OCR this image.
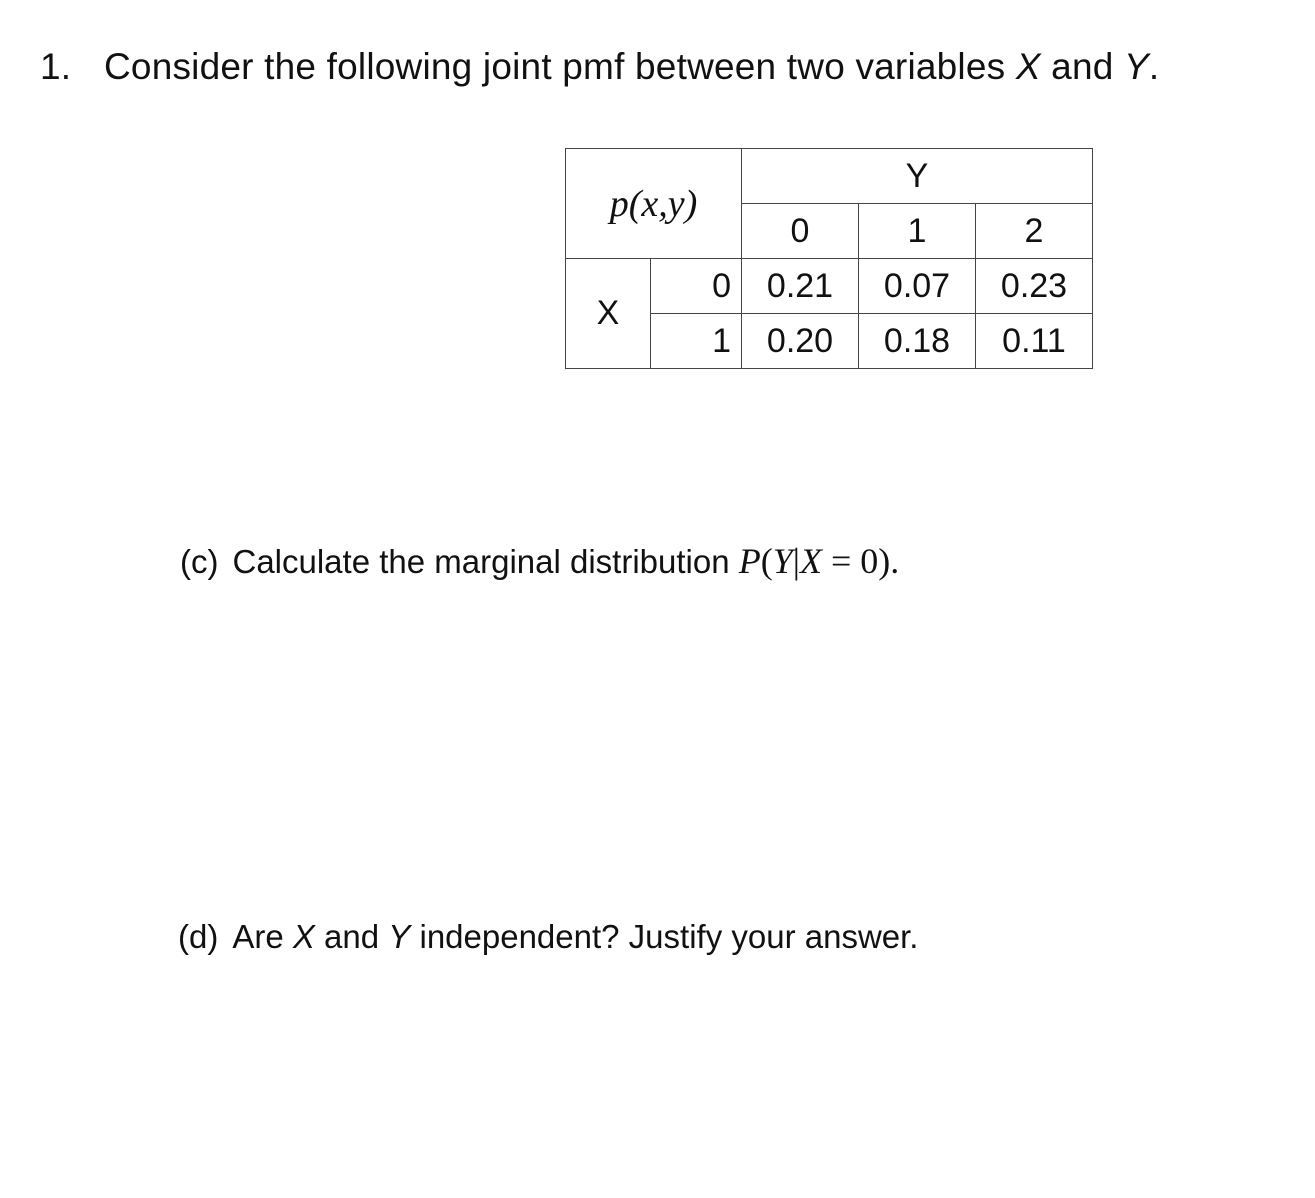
1. Consider the following joint pmf between two variables X and Y.
p(x,y)		Y		
		0	1	2
X	0	0.21	0.07	0.23
	1	0.20	0.18	0.11
(c) Calculate the marginal distribution P(Y|X = 0).
(d) Are X and Y independent? Justify your answer.
